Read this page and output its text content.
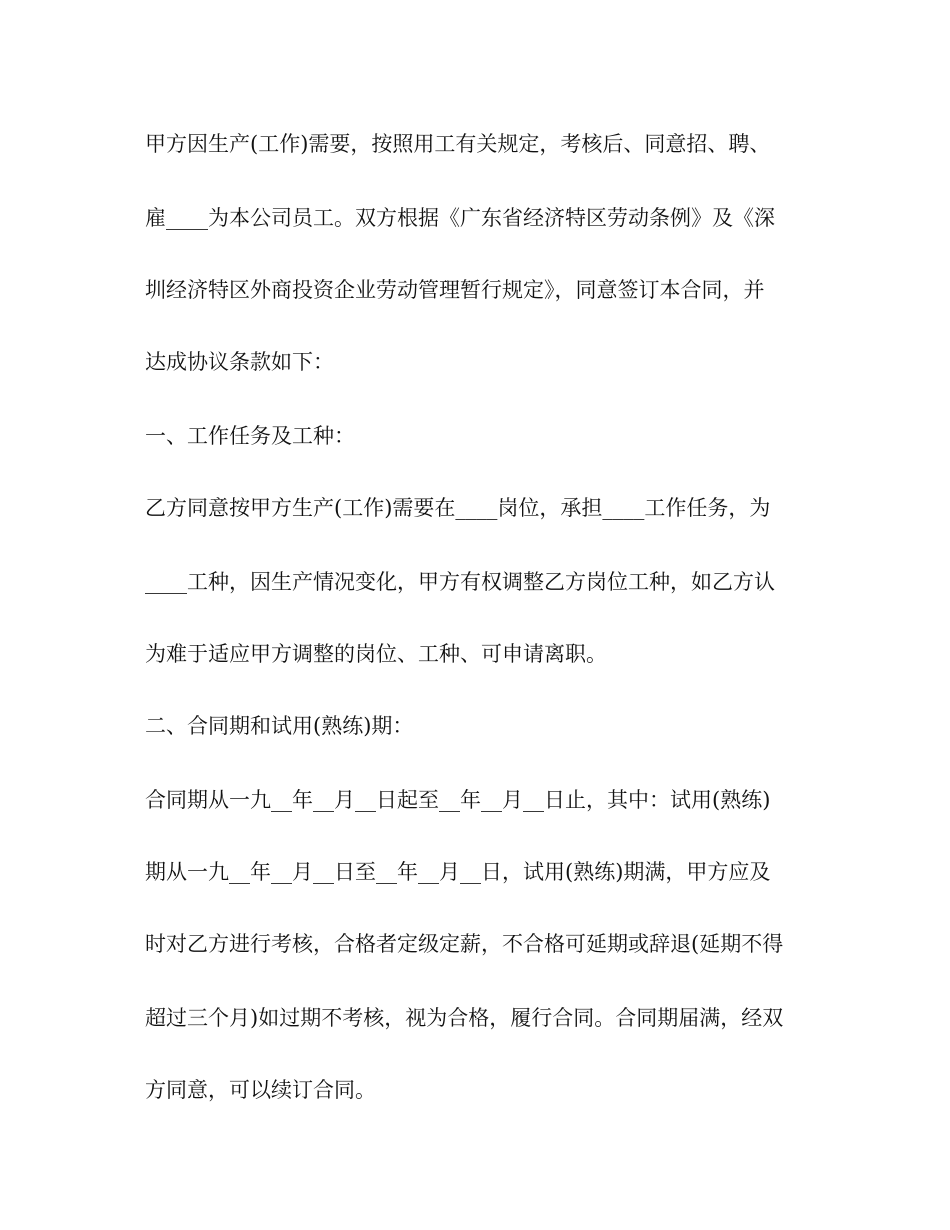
甲方因生产(工作)需要，按照用工有关规定，考核后、同意招、聘、
雇____为本公司员工。双方根据《广东省经济特区劳动条例》及《深
圳经济特区外商投资企业劳动管理暂行规定》，同意签订本合同，并
达成协议条款如下：
一、工作任务及工种：
乙方同意按甲方生产(工作)需要在____岗位，承担____工作任务，为
____工种，因生产情况变化，甲方有权调整乙方岗位工种，如乙方认
为难于适应甲方调整的岗位、工种、可申请离职。
二、合同期和试用(熟练)期：
合同期从一九__年__月__日起至__年__月__日止，其中：试用(熟练)
期从一九__年__月__日至__年__月__日，试用(熟练)期满，甲方应及
时对乙方进行考核，合格者定级定薪，不合格可延期或辞退(延期不得
超过三个月)如过期不考核，视为合格，履行合同。合同期届满，经双
方同意，可以续订合同。
